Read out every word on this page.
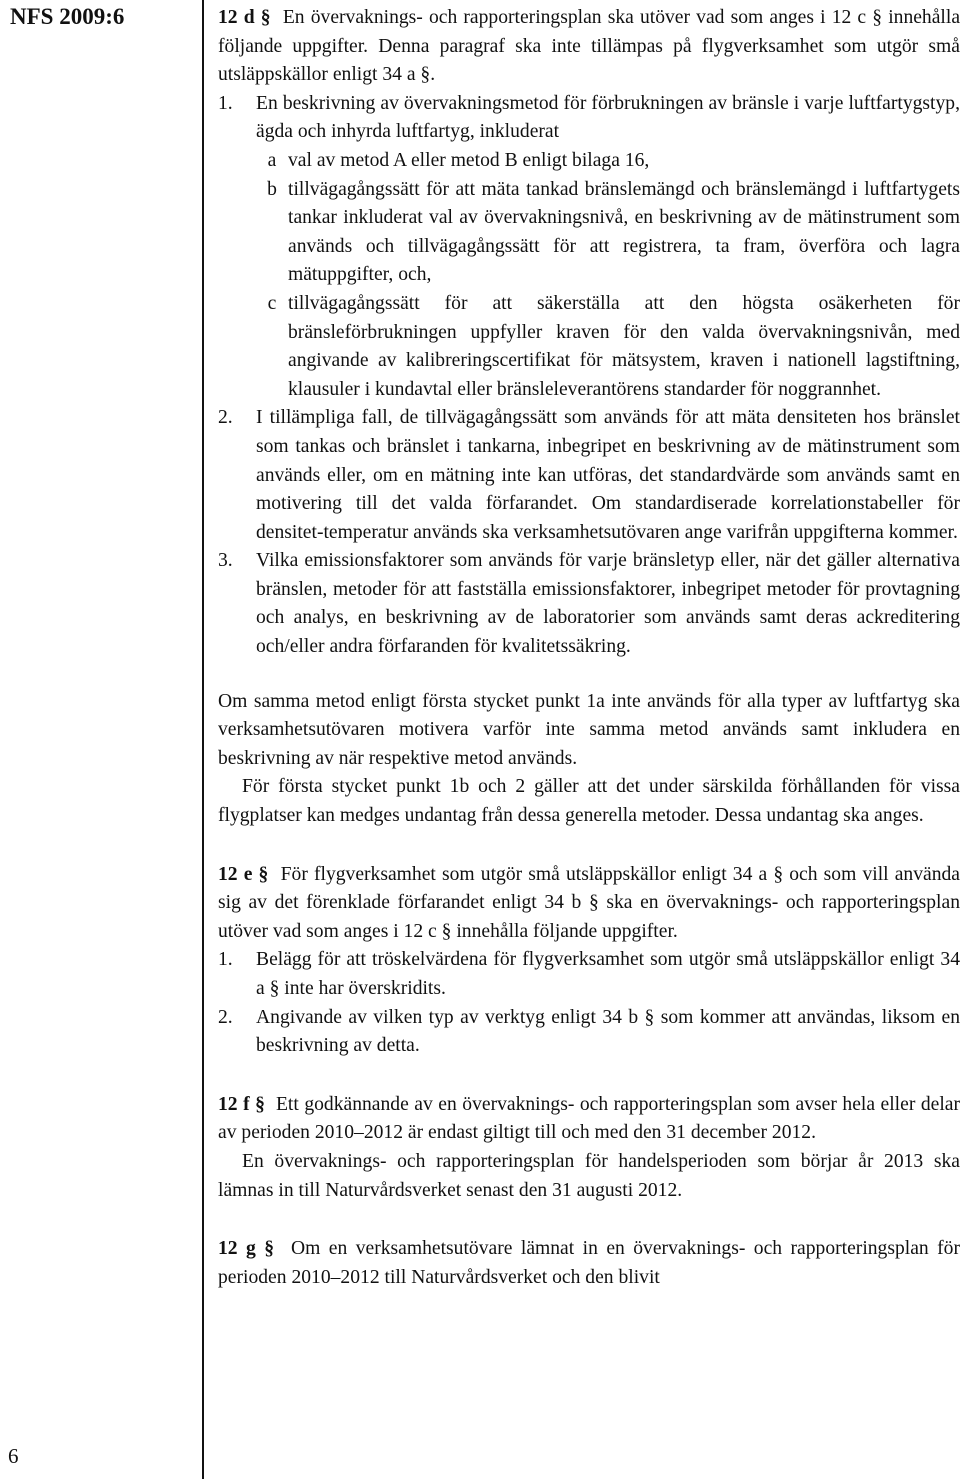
NFS 2009:6
6

12 d § En övervaknings- och rapporteringsplan ska utöver vad som anges i 12 c § innehålla följande uppgifter. Denna paragraf ska inte tillämpas på flygverksamhet som utgör små utsläppskällor enligt 34 a §.

1.	En beskrivning av övervakningsmetod för förbrukningen av bränsle i varje luftfartygstyp, ägda och inhyrda luftfartyg, inkluderat
a val av metod A eller metod B enligt bilaga 16,
b tillvägagångssätt för att mäta tankad bränslemängd och bränslemängd i luftfartygets tankar inkluderat val av övervakningsnivå, en beskrivning av de mätinstrument som används och tillvägagångssätt för att registrera, ta fram, överföra och lagra mätuppgifter, och,
c tillvägagångssätt för att säkerställa att den högsta osäkerheten för bränsleförbrukningen uppfyller kraven för den valda övervakningsnivån, med angivande av kalibreringscertifikat för mätsystem, kraven i nationell lagstiftning, klausuler i kundavtal eller bränsleleverantörens standarder för noggrannhet.
2.	I tillämpliga fall, de tillvägagångssätt som används för att mäta densiteten hos bränslet som tankas och bränslet i tankarna, inbegripet en beskrivning av de mätinstrument som används eller, om en mätning inte kan utföras, det standardvärde som används samt en motivering till det valda förfarandet. Om standardiserade korrelationstabeller för densitet-temperatur används ska verksamhetsutövaren ange varifrån uppgifterna kommer.
3.	Vilka emissionsfaktorer som används för varje bränsletyp eller, när det gäller alternativa bränslen, metoder för att fastställa emissionsfaktorer, inbegripet metoder för provtagning och analys, en beskrivning av de laboratorier som används samt deras ackreditering och/eller andra förfaranden för kvalitetssäkring.

Om samma metod enligt första stycket punkt 1a inte används för alla typer av luftfartyg ska verksamhetsutövaren motivera varför inte samma metod används samt inkludera en beskrivning av när respektive metod används.

För första stycket punkt 1b och 2 gäller att det under särskilda förhållanden för vissa flygplatser kan medges undantag från dessa generella metoder. Dessa undantag ska anges.

12 e § För flygverksamhet som utgör små utsläppskällor enligt 34 a § och som vill använda sig av det förenklade förfarandet enligt 34 b § ska en övervaknings- och rapporteringsplan utöver vad som anges i 12 c § innehålla följande uppgifter.

1.	Belägg för att tröskelvärdena för flygverksamhet som utgör små utsläppskällor enligt 34 a § inte har överskridits.
2.	Angivande av vilken typ av verktyg enligt 34 b § som kommer att användas, liksom en beskrivning av detta.

12 f § Ett godkännande av en övervaknings- och rapporteringsplan som avser hela eller delar av perioden 2010–2012 är endast giltigt till och med den 31 december 2012.

En övervaknings- och rapporteringsplan för handelsperioden som börjar år 2013 ska lämnas in till Naturvårdsverket senast den 31 augusti 2012.

12 g § Om en verksamhetsutövare lämnat in en övervaknings- och rapporteringsplan för perioden 2010–2012 till Naturvårdsverket och den blivit
